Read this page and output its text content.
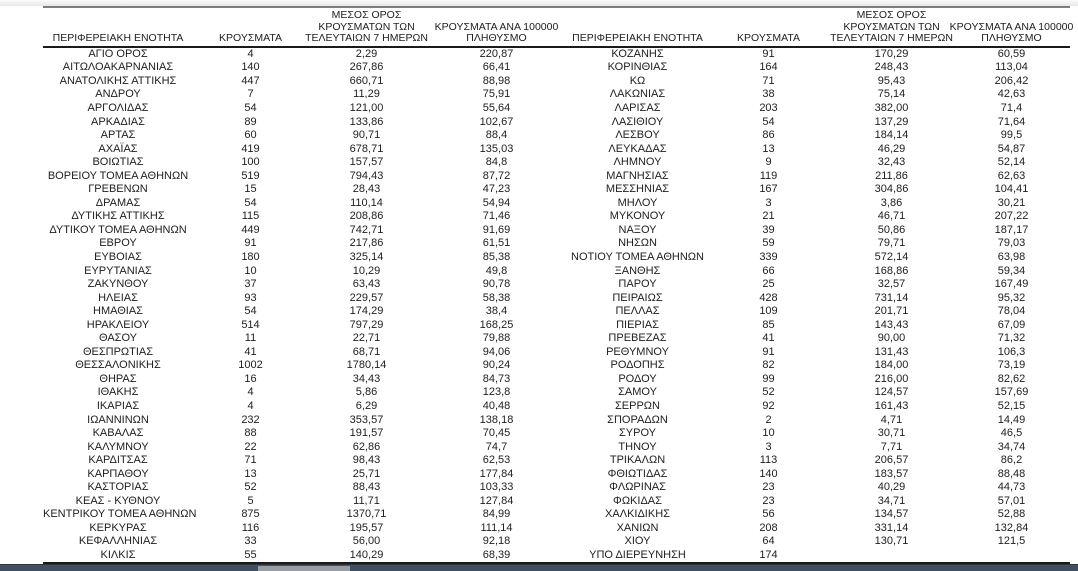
ΠΕΡΙΦΕΡΕΙΑΚΗ ΕΝΟΤΗΤΑ	ΚΡΟΥΣΜΑΤΑ
ΜΕΣΟΣ ΟΡΟΣ
ΚΡΟΥΣΜΑΤΩΝ ΤΩΝ
ΤΕΛΕΥΤΑΙΩΝ 7 ΗΜΕΡΩΝ
ΚΡΟΥΣΜΑΤΑ ΑΝΑ 100000
ΠΛΗΘΥΣΜΟ	ΠΕΡΙΦΕΡΕΙΑΚΗ ΕΝΟΤΗΤΑ	ΚΡΟΥΣΜΑΤΑ
ΜΕΣΟΣ ΟΡΟΣ
ΚΡΟΥΣΜΑΤΩΝ ΤΩΝ
ΤΕΛΕΥΤΑΙΩΝ 7 ΗΜΕΡΩΝ
ΚΡΟΥΣΜΑΤΑ ΑΝΑ 100000
ΠΛΗΘΥΣΜΟ
ΑΓΙΟ ΟΡΟΣ	4	2,29	220,87	ΚΟΖΑΝΗΣ	91	170,29	60,59
ΑΙΤΩΛΟΑΚΑΡΝΑΝΙΑΣ	140	267,86	66,41	ΚΟΡΙΝΘΙΑΣ	164	248,43	113,04
ΑΝΑΤΟΛΙΚΗΣ ΑΤΤΙΚΗΣ	447	660,71	88,98	ΚΩ	71	95,43	206,42
ΑΝΔΡΟΥ	7	11,29	75,91	ΛΑΚΩΝΙΑΣ	38	75,14	42,63
ΑΡΓΟΛΙΔΑΣ	54	121,00	55,64	ΛΑΡΙΣΑΣ	203	382,00	71,4
ΑΡΚΑΔΙΑΣ	89	133,86	102,67	ΛΑΣΙΘΙΟΥ	54	137,29	71,64
ΑΡΤΑΣ	60	90,71	88,4	ΛΕΣΒΟΥ	86	184,14	99,5
ΑΧΑΪΑΣ	419	678,71	135,03	ΛΕΥΚΑΔΑΣ	13	46,29	54,87
ΒΟΙΩΤΙΑΣ	100	157,57	84,8	ΛΗΜΝΟΥ	9	32,43	52,14
ΒΟΡΕΙΟΥ ΤΟΜΕΑ ΑΘΗΝΩΝ	519	794,43	87,72	ΜΑΓΝΗΣΙΑΣ	119	211,86	62,63
ΓΡΕΒΕΝΩΝ	15	28,43	47,23	ΜΕΣΣΗΝΙΑΣ	167	304,86	104,41
ΔΡΑΜΑΣ	54	110,14	54,94	ΜΗΛΟΥ	3	3,86	30,21
ΔΥΤΙΚΗΣ ΑΤΤΙΚΗΣ	115	208,86	71,46	ΜΥΚΟΝΟΥ	21	46,71	207,22
ΔΥΤΙΚΟΥ ΤΟΜΕΑ ΑΘΗΝΩΝ	449	742,71	91,69	ΝΑΞΟΥ	39	50,86	187,17
ΕΒΡΟΥ	91	217,86	61,51	ΝΗΣΩΝ	59	79,71	79,03
ΕΥΒΟΙΑΣ	180	325,14	85,38	ΝΟΤΙΟΥ ΤΟΜΕΑ ΑΘΗΝΩΝ	339	572,14	63,98
ΕΥΡΥΤΑΝΙΑΣ	10	10,29	49,8	ΞΑΝΘΗΣ	66	168,86	59,34
ΖΑΚΥΝΘΟΥ	37	63,43	90,78	ΠΑΡΟΥ	25	32,57	167,49
ΗΛΕΙΑΣ	93	229,57	58,38	ΠΕΙΡΑΙΩΣ	428	731,14	95,32
ΗΜΑΘΙΑΣ	54	174,29	38,4	ΠΕΛΛΑΣ	109	201,71	78,04
ΗΡΑΚΛΕΙΟΥ	514	797,29	168,25	ΠΙΕΡΙΑΣ	85	143,43	67,09
ΘΑΣΟΥ	11	22,71	79,88	ΠΡΕΒΕΖΑΣ	41	90,00	71,32
ΘΕΣΠΡΩΤΙΑΣ	41	68,71	94,06	ΡΕΘΥΜΝΟΥ	91	131,43	106,3
ΘΕΣΣΑΛΟΝΙΚΗΣ	1002	1780,14	90,24	ΡΟΔΟΠΗΣ	82	184,00	73,19
ΘΗΡΑΣ	16	34,43	84,73	ΡΟΔΟΥ	99	216,00	82,62
ΙΘΑΚΗΣ	4	5,86	123,8	ΣΑΜΟΥ	52	124,57	157,69
ΙΚΑΡΙΑΣ	4	6,29	40,48	ΣΕΡΡΩΝ	92	161,43	52,15
ΙΩΑΝΝΙΝΩΝ	232	353,57	138,18	ΣΠΟΡΑΔΩΝ	2	4,71	14,49
ΚΑΒΑΛΑΣ	88	191,57	70,45	ΣΥΡΟΥ	10	30,71	46,5
ΚΑΛΥΜΝΟΥ	22	62,86	74,7	ΤΗΝΟΥ	3	7,71	34,74
ΚΑΡΔΙΤΣΑΣ	71	98,43	62,53	ΤΡΙΚΑΛΩΝ	113	206,57	86,2
ΚΑΡΠΑΘΟΥ	13	25,71	177,84	ΦΘΙΩΤΙΔΑΣ	140	183,57	88,48
ΚΑΣΤΟΡΙΑΣ	52	88,43	103,33	ΦΛΩΡΙΝΑΣ	23	40,29	44,73
ΚΕΑΣ - ΚΥΘΝΟΥ	5	11,71	127,84	ΦΩΚΙΔΑΣ	23	34,71	57,01
ΚΕΝΤΡΙΚΟΥ ΤΟΜΕΑ ΑΘΗΝΩΝ	875	1370,71	84,99	ΧΑΛΚΙΔΙΚΗΣ	56	134,57	52,88
ΚΕΡΚΥΡΑΣ	116	195,57	111,14	ΧΑΝΙΩΝ	208	331,14	132,84
ΚΕΦΑΛΛΗΝΙΑΣ	33	56,00	92,18	ΧΙΟΥ	64	130,71	121,5
ΚΙΛΚΙΣ	55	140,29	68,39	ΥΠΟ ΔΙΕΡΕΥΝΗΣΗ	174
